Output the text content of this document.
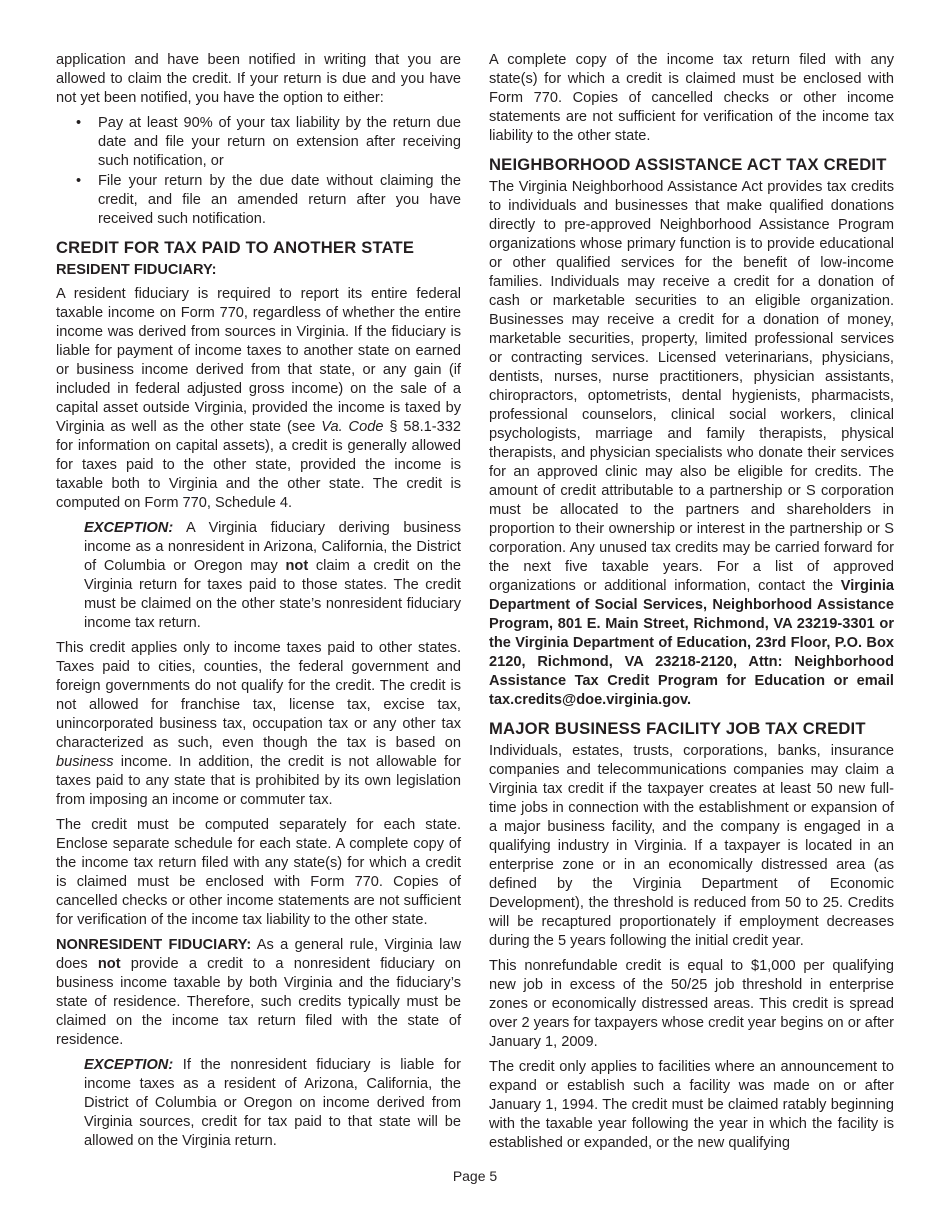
application and have been notified in writing that you are allowed to claim the credit. If your return is due and you have not yet been notified, you have the option to either:

• Pay at least 90% of your tax liability by the return due date and file your return on extension after receiving such notification, or
• File your return by the due date without claiming the credit, and file an amended return after you have received such notification.
CREDIT FOR TAX PAID TO ANOTHER STATE
RESIDENT FIDUCIARY:

A resident fiduciary is required to report its entire federal taxable income on Form 770, regardless of whether the entire income was derived from sources in Virginia. If the fiduciary is liable for payment of income taxes to another state on earned or business income derived from that state, or any gain (if included in federal adjusted gross income) on the sale of a capital asset outside Virginia, provided the income is taxed by Virginia as well as the other state (see Va. Code § 58.1-332 for information on capital assets), a credit is generally allowed for taxes paid to the other state, provided the income is taxable both to Virginia and the other state. The credit is computed on Form 770, Schedule 4.

EXCEPTION: A Virginia fiduciary deriving business income as a nonresident in Arizona, California, the District of Columbia or Oregon may not claim a credit on the Virginia return for taxes paid to those states. The credit must be claimed on the other state’s nonresident fiduciary income tax return.

This credit applies only to income taxes paid to other states. Taxes paid to cities, counties, the federal government and foreign governments do not qualify for the credit. The credit is not allowed for franchise tax, license tax, excise tax, unincorporated business tax, occupation tax or any other tax characterized as such, even though the tax is based on business income. In addition, the credit is not allowable for taxes paid to any state that is prohibited by its own legislation from imposing an income or commuter tax.

The credit must be computed separately for each state. Enclose separate schedule for each state. A complete copy of the income tax return filed with any state(s) for which a credit is claimed must be enclosed with Form 770. Copies of cancelled checks or other income statements are not sufficient for verification of the income tax liability to the other state.

NONRESIDENT FIDUCIARY: As a general rule, Virginia law does not provide a credit to a nonresident fiduciary on business income taxable by both Virginia and the fiduciary’s state of residence. Therefore, such credits typically must be claimed on the income tax return filed with the state of residence.

EXCEPTION: If the nonresident fiduciary is liable for income taxes as a resident of Arizona, California, the District of Columbia or Oregon on income derived from Virginia sources, credit for tax paid to that state will be allowed on the Virginia return.

A complete copy of the income tax return filed with any state(s) for which a credit is claimed must be enclosed with Form 770. Copies of cancelled checks or other income statements are not sufficient for verification of the income tax liability to the other state.

NEIGHBORHOOD ASSISTANCE ACT TAX CREDIT

The Virginia Neighborhood Assistance Act provides tax credits to individuals and businesses that make qualified donations directly to pre-approved Neighborhood Assistance Program organizations whose primary function is to provide educational or other qualified services for the benefit of low-income families. Individuals may receive a credit for a donation of cash or marketable securities to an eligible organization. Businesses may receive a credit for a donation of money, marketable securities, property, limited professional services or contracting services. Licensed veterinarians, physicians, dentists, nurses, nurse practitioners, physician assistants, chiropractors, optometrists, dental hygienists, pharmacists, professional counselors, clinical social workers, clinical psychologists, marriage and family therapists, physical therapists, and physician specialists who donate their services for an approved clinic may also be eligible for credits. The amount of credit attributable to a partnership or S corporation must be allocated to the partners and shareholders in proportion to their ownership or interest in the partnership or S corporation. Any unused tax credits may be carried forward for the next five taxable years. For a list of approved organizations or additional information, contact the Virginia Department of Social Services, Neighborhood Assistance Program, 801 E. Main Street, Richmond, VA 23219-3301 or the Virginia Department of Education, 23rd Floor, P.O. Box 2120, Richmond, VA 23218-2120, Attn: Neighborhood Assistance Tax Credit Program for Education or email tax.credits@doe.virginia.gov.

MAJOR BUSINESS FACILITY JOB TAX CREDIT

Individuals, estates, trusts, corporations, banks, insurance companies and telecommunications companies may claim a Virginia tax credit if the taxpayer creates at least 50 new full-time jobs in connection with the establishment or expansion of a major business facility, and the company is engaged in a qualifying industry in Virginia. If a taxpayer is located in an enterprise zone or in an economically distressed area (as defined by the Virginia Department of Economic Development), the threshold is reduced from 50 to 25. Credits will be recaptured proportionately if employment decreases during the 5 years following the initial credit year.

This nonrefundable credit is equal to $1,000 per qualifying new job in excess of the 50/25 job threshold in enterprise zones or economically distressed areas. This credit is spread over 2 years for taxpayers whose credit year begins on or after January 1, 2009.

The credit only applies to facilities where an announcement to expand or establish such a facility was made on or after January 1, 1994. The credit must be claimed ratably beginning with the taxable year following the year in which the facility is established or expanded, or the new qualifying

Page 5
